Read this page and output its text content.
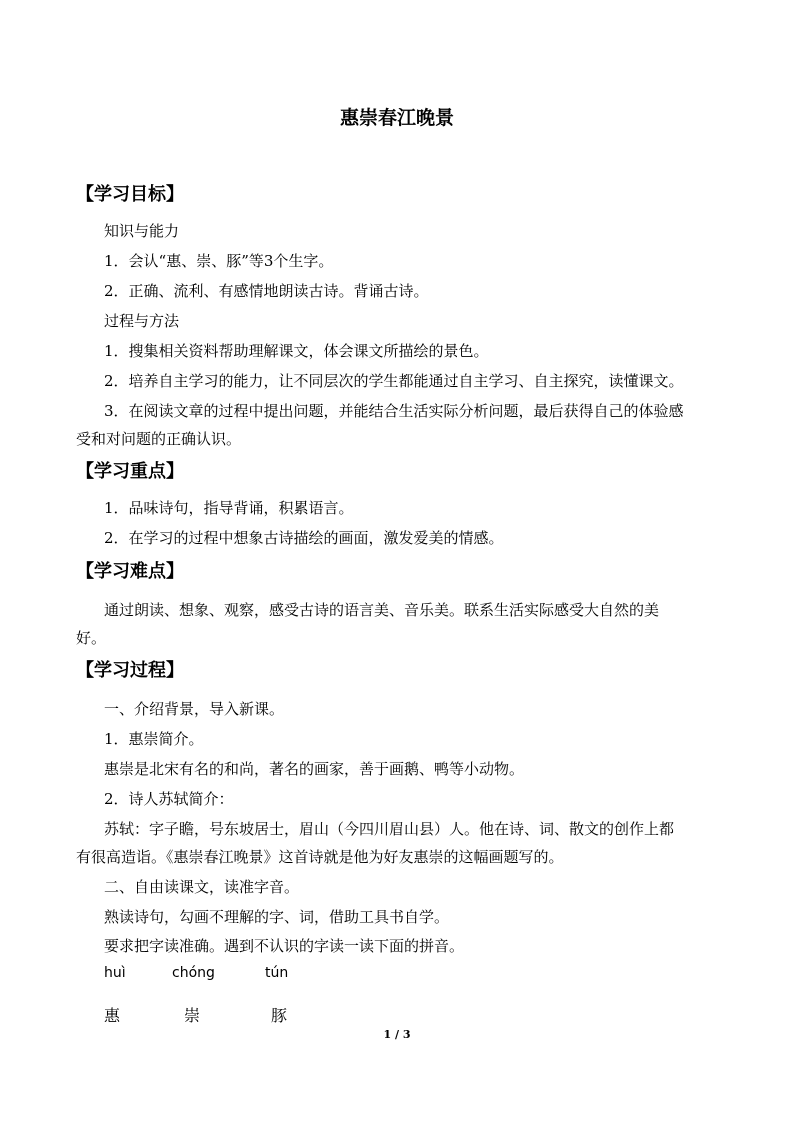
惠崇春江晚景
【学习目标】
知识与能力
1．会认“惠、崇、豚”等3个生字。
2．正确、流利、有感情地朗读古诗。背诵古诗。
过程与方法
1．搜集相关资料帮助理解课文，体会课文所描绘的景色。
2．培养自主学习的能力，让不同层次的学生都能通过自主学习、自主探究，读懂课文。
3．在阅读文章的过程中提出问题，并能结合生活实际分析问题，最后获得自己的体验感
受和对问题的正确认识。
【学习重点】
1．品味诗句，指导背诵，积累语言。
2．在学习的过程中想象古诗描绘的画面，激发爱美的情感。
【学习难点】
通过朗读、想象、观察，感受古诗的语言美、音乐美。联系生活实际感受大自然的美
好。
【学习过程】
一、介绍背景，导入新课。
1．惠崇简介。
惠崇是北宋有名的和尚，著名的画家，善于画鹅、鸭等小动物。
2．诗人苏轼简介：
苏轼：字子瞻，号东坡居士，眉山（今四川眉山县）人。他在诗、词、散文的创作上都
有很高造诣。《惠崇春江晚景》这首诗就是他为好友惠崇的这幅画题写的。
二、自由读课文，读准字音。
熟读诗句，勾画不理解的字、词，借助工具书自学。
要求把字读准确。遇到不认识的字读一读下面的拼音。
huì	chóng	tún
惠	崇	豚
1 / 3
